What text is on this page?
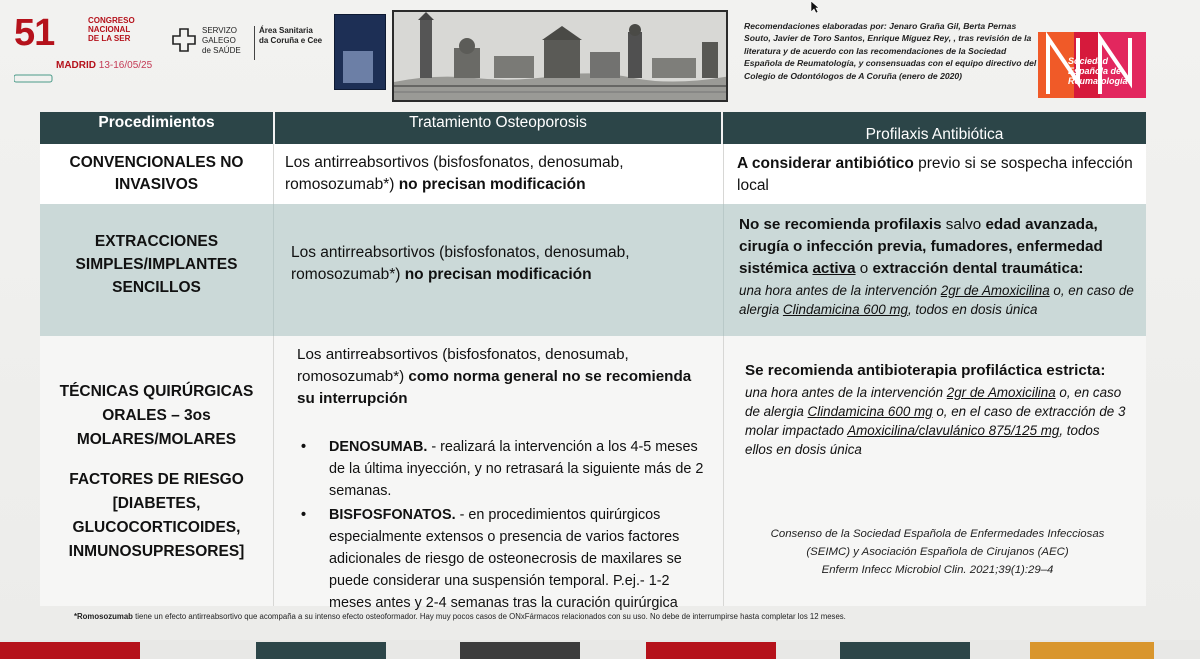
51	CONGRESO
NACIONAL
DE LA SER
MADRID 13-16/05/25
SERVIZO
GALEGO
de SAÚDE
Área Sanitaria
da Coruña e Cee
Recomendaciones elaboradas por: Jenaro Graña Gil, Berta Pernas Souto, Javier de Toro Santos, Enrique Míguez Rey, , tras revisión de la literatura y de acuerdo con las recomendaciones de la Sociedad Española de Reumatología, y consensuadas con el equipo directivo del Colegio de Odontólogos de A Coruña (enero de 2020)
Sociedad Española de
Reumatología
Procedimientos	Tratamiento Osteoporosis
Profilaxis Antibiótica
CONVENCIONALES NO INVASIVOS
Los antirreabsortivos (bisfosfonatos, denosumab, romosozumab*) no precisan modificación
A considerar antibiótico previo si se sospecha infección local
EXTRACCIONES SIMPLES/IMPLANTES SENCILLOS
Los antirreabsortivos (bisfosfonatos, denosumab, romosozumab*) no precisan modificación
No se recomienda profilaxis salvo edad avanzada, cirugía o infección previa, fumadores, enfermedad sistémica activa o extracción dental traumática:
una hora antes de la intervención 2gr de Amoxicilina o, en caso de alergia Clindamicina 600 mg, todos en dosis única
TÉCNICAS QUIRÚRGICAS ORALES – 3os MOLARES/MOLARES
FACTORES DE RIESGO [DIABETES, GLUCOCORTICOIDES, INMUNOSUPRESORES]
Los antirreabsortivos (bisfosfonatos, denosumab, romosozumab*) como norma general no se recomienda su interrupción
• DENOSUMAB. - realizará la intervención a los 4-5 meses de la última inyección, y no retrasará la siguiente más de 2 semanas.
• BISFOSFONATOS. - en procedimientos quirúrgicos especialmente extensos o presencia de varios factores adicionales de riesgo de osteonecrosis de maxilares se puede considerar una suspensión temporal. P.ej.- 1-2 meses antes y 2-4 semanas tras la curación quirúrgica
Se recomienda antibioterapia profiláctica estricta:
una hora antes de la intervención 2gr de Amoxicilina o, en caso de alergia Clindamicina 600 mg o, en el caso de extracción de 3 molar impactado Amoxicilina/clavulánico 875/125 mg, todos ellos en dosis única
Consenso de la Sociedad Española de Enfermedades Infecciosas
(SEIMC) y Asociación Española de Cirujanos (AEC)
Enferm Infecc Microbiol Clin. 2021;39(1):29–4
*Romosozumab tiene un efecto antirreabsortivo que acompaña a su intenso efecto osteoformador. Hay muy pocos casos de ONxFármacos relacionados con su uso. No debe de interrumpirse hasta completar los 12 meses.
